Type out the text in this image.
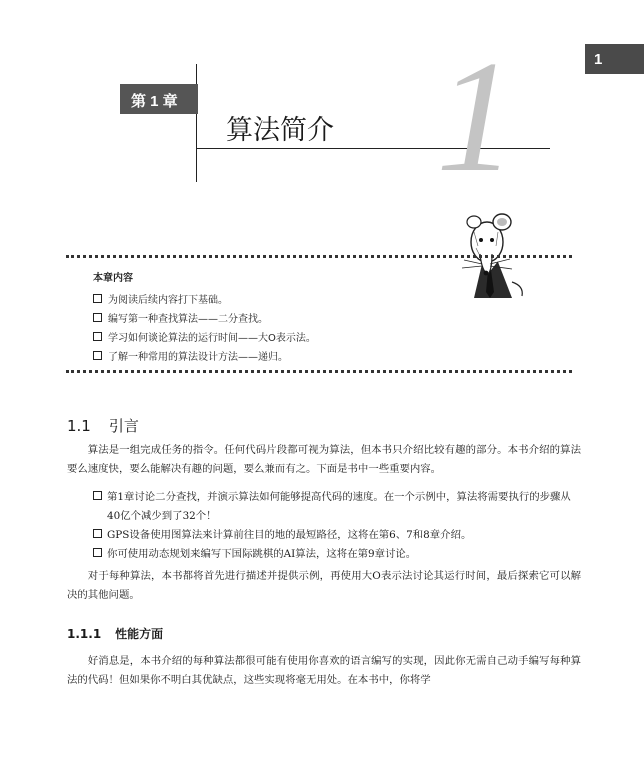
1
第 1 章
算法简介 1
本章内容
为阅读后续内容打下基础。
编写第一种查找算法——二分查找。
学习如何谈论算法的运行时间——大O表示法。
了解一种常用的算法设计方法——递归。
1.1 引言

算法是一组完成任务的指令。任何代码片段都可视为算法，但本书只介绍比较有趣的部分。本书介绍的算法要么速度快，要么能解决有趣的问题，要么兼而有之。下面是书中一些重要内容。

第1章讨论二分查找，并演示算法如何能够提高代码的速度。在一个示例中，算法将需要执行的步骤从40亿个减少到了32个！
GPS设备使用图算法来计算前往目的地的最短路径，这将在第6、7和8章介绍。
你可使用动态规划来编写下国际跳棋的AI算法，这将在第9章讨论。

对于每种算法，本书都将首先进行描述并提供示例，再使用大O表示法讨论其运行时间，最后探索它可以解决的其他问题。

1.1.1 性能方面

好消息是，本书介绍的每种算法都很可能有使用你喜欢的语言编写的实现，因此你无需自己动手编写每种算法的代码！但如果你不明白其优缺点，这些实现将毫无用处。在本书中，你将学
